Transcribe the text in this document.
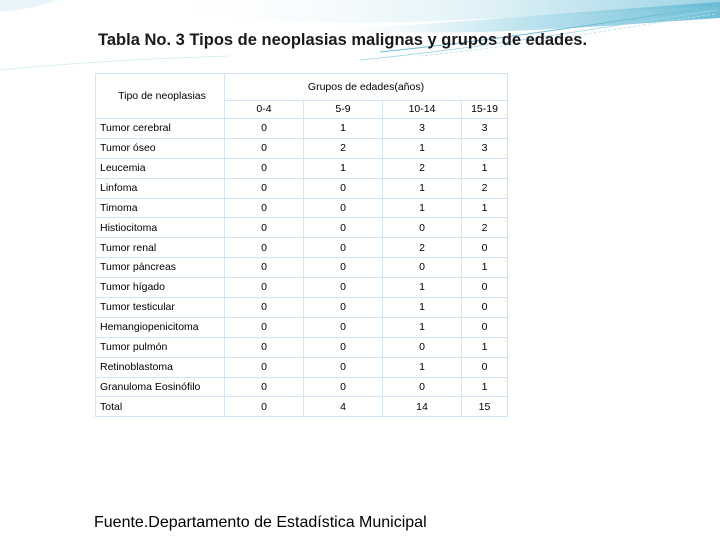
Tabla No. 3 Tipos de neoplasias malignas y grupos de edades.
Tipo de neoplasias	Grupos de edades(años)			
	0-4	5-9	10-14	15-19
Tumor cerebral	0	1	3	3
Tumor óseo	0	2	1	3
Leucemia	0	1	2	1
Linfoma	0	0	1	2
Timoma	0	0	1	1
Histiocitoma	0	0	0	2
Tumor renal	0	0	2	0
Tumor páncreas	0	0	0	1
Tumor hígado	0	0	1	0
Tumor testicular	0	0	1	0
Hemangiopenicitoma	0	0	1	0
Tumor pulmón	0	0	0	1
Retinoblastoma	0	0	1	0
Granuloma Eosinófilo	0	0	0	1
Total	0	4	14	15
Fuente.Departamento de Estadística Municipal
